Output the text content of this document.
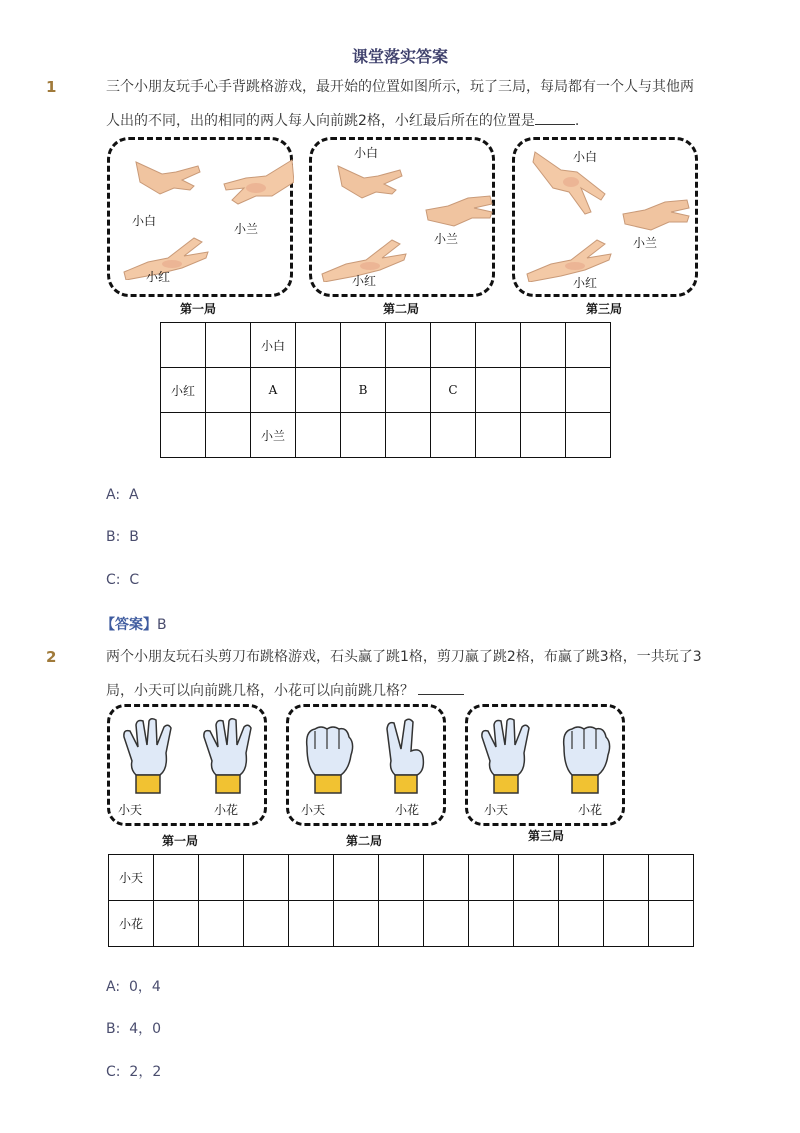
课堂落实答案
1	三个小朋友玩手心手背跳格游戏，最开始的位置如图所示，玩了三局，每局都有一个人与其他两
人出的不同，出的相同的两人每人向前跳2格，小红最后所在的位置是	.
小白
小兰
小红
小白
小兰
小红
小白
小兰
小红
第一局	第二局	第三局
		小白							
小红		A		B		C			
		小兰							
A: A
B: B
C: C
【答案】B
2	两个小朋友玩石头剪刀布跳格游戏，石头赢了跳1格，剪刀赢了跳2格，布赢了跳3格，一共玩了3
局，小天可以向前跳几格，小花可以向前跳几格？
小天	小花	小天	小花	小天	小花
第一局	第二局	第三局
小天												
小花												
A: 0，4
B: 4，0
C: 2，2
